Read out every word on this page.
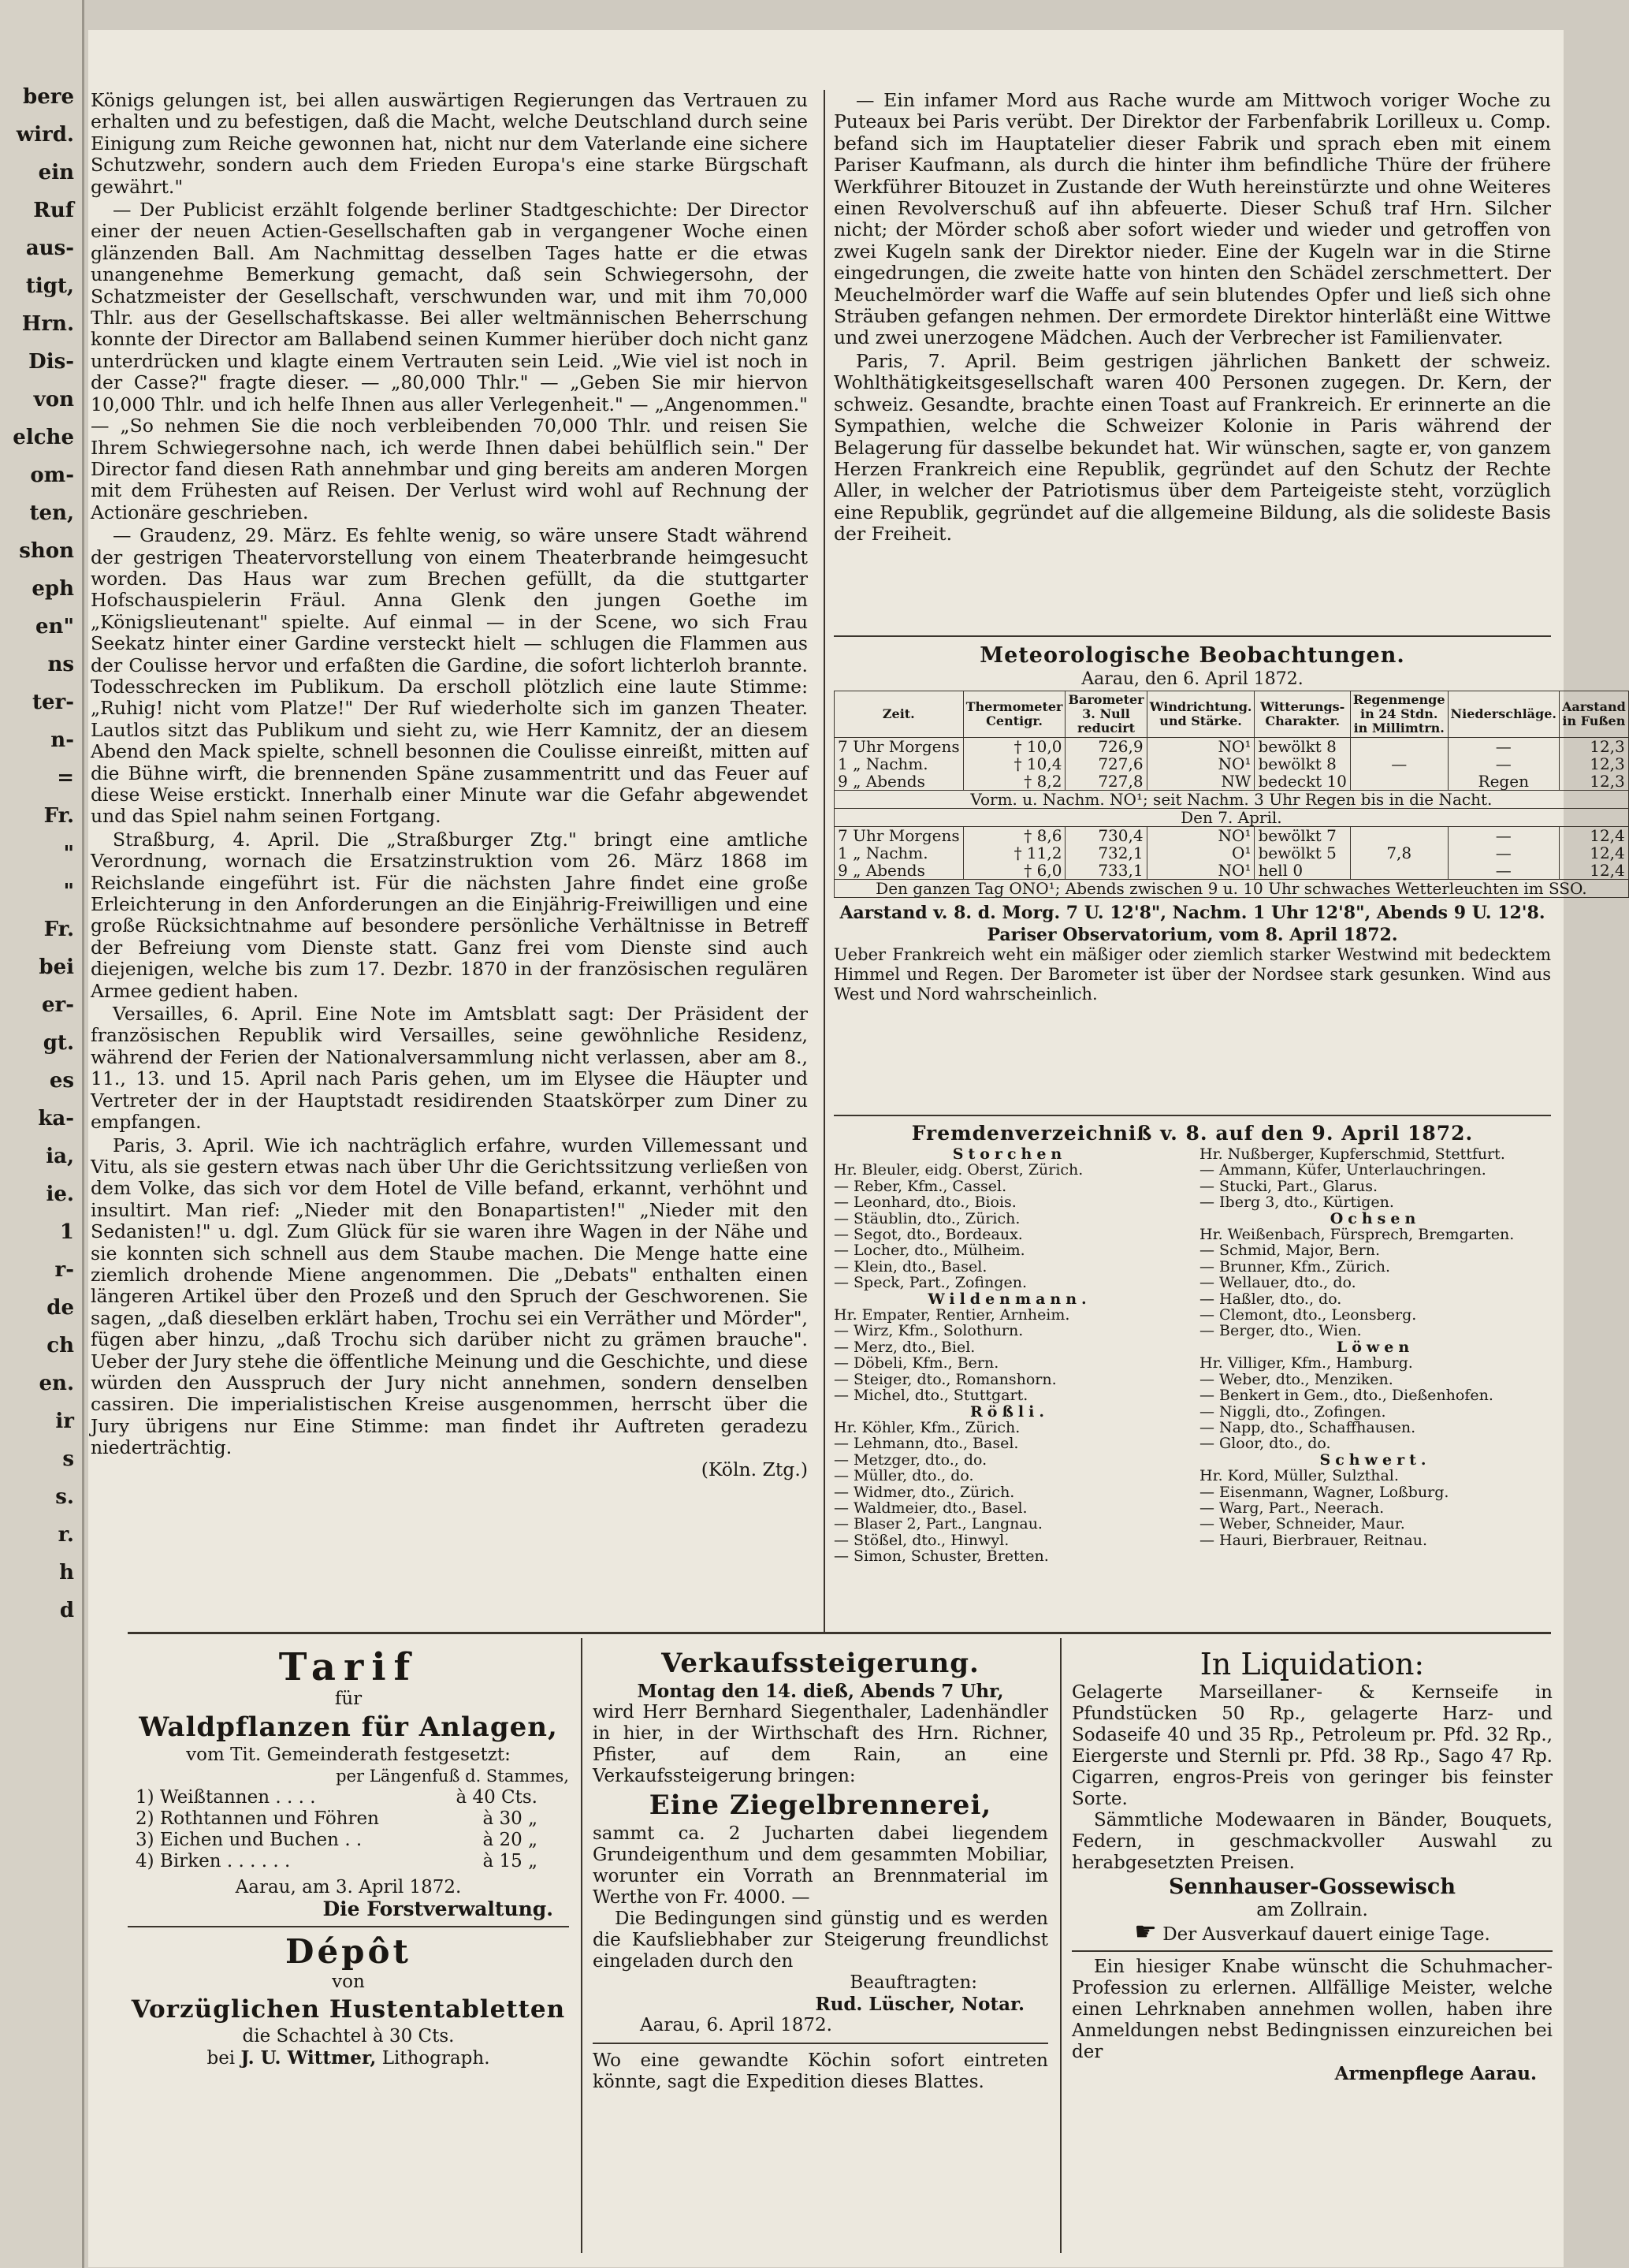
bere
wird.
ein
Ruf
aus-
tigt,
Hrn.
Dis-
von
elche
om-
ten,
shon
eph
en"
ns
ter-
n-
=
Fr.
"
"
Fr.
bei
er-
gt.
es
ka-
ia,
ie.
1
r-
de
ch
en.
ir
s
s.
r.
h
d

Königs gelungen ist, bei allen auswärtigen Regierungen das Vertrauen zu erhalten und zu befestigen, daß die Macht, welche Deutschland durch seine Einigung zum Reiche gewonnen hat, nicht nur dem Vaterlande eine sichere Schutzwehr, sondern auch dem Frieden Europa's eine starke Bürgschaft gewährt."

— Der Publicist erzählt folgende berliner Stadtgeschichte: Der Director einer der neuen Actien-Gesellschaften gab in vergangener Woche einen glänzenden Ball. Am Nachmittag desselben Tages hatte er die etwas unangenehme Bemerkung gemacht, daß sein Schwiegersohn, der Schatzmeister der Gesellschaft, verschwunden war, und mit ihm 70,000 Thlr. aus der Gesellschaftskasse. Bei aller weltmännischen Beherrschung konnte der Director am Ballabend seinen Kummer hierüber doch nicht ganz unterdrücken und klagte einem Vertrauten sein Leid. „Wie viel ist noch in der Casse?" fragte dieser. — „80,000 Thlr." — „Geben Sie mir hiervon 10,000 Thlr. und ich helfe Ihnen aus aller Verlegenheit." — „Angenommen." — „So nehmen Sie die noch verbleibenden 70,000 Thlr. und reisen Sie Ihrem Schwiegersohne nach, ich werde Ihnen dabei behülflich sein." Der Director fand diesen Rath annehmbar und ging bereits am anderen Morgen mit dem Frühesten auf Reisen. Der Verlust wird wohl auf Rechnung der Actionäre geschrieben.

— Graudenz, 29. März. Es fehlte wenig, so wäre unsere Stadt während der gestrigen Theatervorstellung von einem Theaterbrande heimgesucht worden. Das Haus war zum Brechen gefüllt, da die stuttgarter Hofschauspielerin Fräul. Anna Glenk den jungen Goethe im „Königslieutenant" spielte. Auf einmal — in der Scene, wo sich Frau Seekatz hinter einer Gardine versteckt hielt — schlugen die Flammen aus der Coulisse hervor und erfaßten die Gardine, die sofort lichterloh brannte. Todesschrecken im Publikum. Da erscholl plötzlich eine laute Stimme: „Ruhig! nicht vom Platze!" Der Ruf wiederholte sich im ganzen Theater. Lautlos sitzt das Publikum und sieht zu, wie Herr Kamnitz, der an diesem Abend den Mack spielte, schnell besonnen die Coulisse einreißt, mitten auf die Bühne wirft, die brennenden Späne zusammentritt und das Feuer auf diese Weise erstickt. Innerhalb einer Minute war die Gefahr abgewendet und das Spiel nahm seinen Fortgang.

Straßburg, 4. April. Die „Straßburger Ztg." bringt eine amtliche Verordnung, wornach die Ersatzinstruktion vom 26. März 1868 im Reichslande eingeführt ist. Für die nächsten Jahre findet eine große Erleichterung in den Anforderungen an die Einjährig-Freiwilligen und eine große Rücksichtnahme auf besondere persönliche Verhältnisse in Betreff der Befreiung vom Dienste statt. Ganz frei vom Dienste sind auch diejenigen, welche bis zum 17. Dezbr. 1870 in der französischen regulären Armee gedient haben.

Versailles, 6. April. Eine Note im Amtsblatt sagt: Der Präsident der französischen Republik wird Versailles, seine gewöhnliche Residenz, während der Ferien der Nationalversammlung nicht verlassen, aber am 8., 11., 13. und 15. April nach Paris gehen, um im Elysee die Häupter und Vertreter der in der Hauptstadt residirenden Staatskörper zum Diner zu empfangen.

Paris, 3. April. Wie ich nachträglich erfahre, wurden Villemessant und Vitu, als sie gestern etwas nach über Uhr die Gerichtssitzung verließen von dem Volke, das sich vor dem Hotel de Ville befand, erkannt, verhöhnt und insultirt. Man rief: „Nieder mit den Bonapartisten!" „Nieder mit den Sedanisten!" u. dgl. Zum Glück für sie waren ihre Wagen in der Nähe und sie konnten sich schnell aus dem Staube machen. Die Menge hatte eine ziemlich drohende Miene angenommen. Die „Debats" enthalten einen längeren Artikel über den Prozeß und den Spruch der Geschworenen. Sie sagen, „daß dieselben erklärt haben, Trochu sei ein Verräther und Mörder", fügen aber hinzu, „daß Trochu sich darüber nicht zu grämen brauche". Ueber der Jury stehe die öffentliche Meinung und die Geschichte, und diese würden den Ausspruch der Jury nicht annehmen, sondern denselben cassiren. Die imperialistischen Kreise ausgenommen, herrscht über die Jury übrigens nur Eine Stimme: man findet ihr Auftreten geradezu niederträchtig.

(Köln. Ztg.)

— Ein infamer Mord aus Rache wurde am Mittwoch voriger Woche zu Puteaux bei Paris verübt. Der Direktor der Farbenfabrik Lorilleux u. Comp. befand sich im Hauptatelier dieser Fabrik und sprach eben mit einem Pariser Kaufmann, als durch die hinter ihm befindliche Thüre der frühere Werkführer Bitouzet in Zustande der Wuth hereinstürzte und ohne Weiteres einen Revolverschuß auf ihn abfeuerte. Dieser Schuß traf Hrn. Silcher nicht; der Mörder schoß aber sofort wieder und wieder und getroffen von zwei Kugeln sank der Direktor nieder. Eine der Kugeln war in die Stirne eingedrungen, die zweite hatte von hinten den Schädel zerschmettert. Der Meuchelmörder warf die Waffe auf sein blutendes Opfer und ließ sich ohne Sträuben gefangen nehmen. Der ermordete Direktor hinterläßt eine Wittwe und zwei unerzogene Mädchen. Auch der Verbrecher ist Familienvater.

Paris, 7. April. Beim gestrigen jährlichen Bankett der schweiz. Wohlthätigkeitsgesellschaft waren 400 Personen zugegen. Dr. Kern, der schweiz. Gesandte, brachte einen Toast auf Frankreich. Er erinnerte an die Sympathien, welche die Schweizer Kolonie in Paris während der Belagerung für dasselbe bekundet hat. Wir wünschen, sagte er, von ganzem Herzen Frankreich eine Republik, gegründet auf den Schutz der Rechte Aller, in welcher der Patriotismus über dem Parteigeiste steht, vorzüglich eine Republik, gegründet auf die allgemeine Bildung, als die solideste Basis der Freiheit.

Meteorologische Beobachtungen.
Aarau, den 6. April 1872.
Zeit.	Thermometer Centigr.	Barometer 3. Null reducirt	Windrichtung. und Stärke.	Witterungs-Charakter.	Regenmenge in 24 Stdn. in Millimtrn.	Niederschläge.	Aarstand in Fußen
7 Uhr Morgens	† 10,0	726,9	NO¹	bewölkt 8		—	12,3
1 „ Nachm.	† 10,4	727,6	NO¹	bewölkt 8	—	—	12,3
9 „ Abends	† 8,2	727,8	NW	bedeckt 10		Regen	12,3
Vorm. u. Nachm. NO¹; seit Nachm. 3 Uhr Regen bis in die Nacht.							
Den 7. April.							
7 Uhr Morgens	† 8,6	730,4	NO¹	bewölkt 7		—	12,4
1 „ Nachm.	† 11,2	732,1	O¹	bewölkt 5	7,8	—	12,4
9 „ Abends	† 6,0	733,1	NO¹	hell 0		—	12,4
Den ganzen Tag ONO¹; Abends zwischen 9 u. 10 Uhr schwaches Wetterleuchten im SSO.							
Aarstand v. 8. d. Morg. 7 U. 12'8", Nachm. 1 Uhr 12'8", Abends 9 U. 12'8.
Pariser Observatorium, vom 8. April 1872.
Ueber Frankreich weht ein mäßiger oder ziemlich starker Westwind mit bedecktem Himmel und Regen. Der Barometer ist über der Nordsee stark gesunken. Wind aus West und Nord wahrscheinlich.
Fremdenverzeichniß v. 8. auf den 9. April 1872.
Storchen
Hr. Bleuler, eidg. Oberst, Zürich.
— Reber, Kfm., Cassel.
— Leonhard, dto., Biois.
— Stäublin, dto., Zürich.
— Segot, dto., Bordeaux.
— Locher, dto., Mülheim.
— Klein, dto., Basel.
— Speck, Part., Zofingen.
Wildenmann.
Hr. Empater, Rentier, Arnheim.
— Wirz, Kfm., Solothurn.
— Merz, dto., Biel.
— Döbeli, Kfm., Bern.
— Steiger, dto., Romanshorn.
— Michel, dto., Stuttgart.
Rößli.
Hr. Köhler, Kfm., Zürich.
— Lehmann, dto., Basel.
— Metzger, dto., do.
— Müller, dto., do.
— Widmer, dto., Zürich.
— Waldmeier, dto., Basel.
— Blaser 2, Part., Langnau.
— Stößel, dto., Hinwyl.
— Simon, Schuster, Bretten.
Hr. Nußberger, Kupferschmid, Stettfurt.
— Ammann, Küfer, Unterlauchringen.
— Stucki, Part., Glarus.
— Iberg 3, dto., Kürtigen.
Ochsen
Hr. Weißenbach, Fürsprech, Bremgarten.
— Schmid, Major, Bern.
— Brunner, Kfm., Zürich.
— Wellauer, dto., do.
— Haßler, dto., do.
— Clemont, dto., Leonsberg.
— Berger, dto., Wien.
Löwen
Hr. Villiger, Kfm., Hamburg.
— Weber, dto., Menziken.
— Benkert in Gem., dto., Dießenhofen.
— Niggli, dto., Zofingen.
— Napp, dto., Schaffhausen.
— Gloor, dto., do.
Schwert.
Hr. Kord, Müller, Sulzthal.
— Eisenmann, Wagner, Loßburg.
— Warg, Part., Neerach.
— Weber, Schneider, Maur.
— Hauri, Bierbrauer, Reitnau.
Tarif
für
Waldpflanzen für Anlagen,
vom Tit. Gemeinderath festgesetzt:
per Längenfuß d. Stammes,
1) Weißtannen . . . .	à 40 Cts.
2) Rothtannen und Föhren	à 30 „
3) Eichen und Buchen . .	à 20 „
4) Birken . . . . . .	à 15 „
Aarau, am 3. April 1872.
Die Forstverwaltung.
Dépôt
von
Vorzüglichen Hustentabletten
die Schachtel à 30 Cts.
bei J. U. Wittmer, Lithograph.
Verkaufssteigerung.
Montag den 14. dieß, Abends 7 Uhr,
wird Herr Bernhard Siegenthaler, Ladenhändler in hier, in der Wirthschaft des Hrn. Richner, Pfister, auf dem Rain, an eine Verkaufssteigerung bringen:
Eine Ziegelbrennerei,
sammt ca. 2 Jucharten dabei liegendem Grundeigenthum und dem gesammten Mobiliar, worunter ein Vorrath an Brennmaterial im Werthe von Fr. 4000. —
Die Bedingungen sind günstig und es werden die Kaufsliebhaber zur Steigerung freundlichst eingeladen durch den
Beauftragten:
Rud. Lüscher, Notar.
Aarau, 6. April 1872.
Wo eine gewandte Köchin sofort eintreten könnte, sagt die Expedition dieses Blattes.
In Liquidation:
Gelagerte Marseillaner- & Kernseife in Pfundstücken 50 Rp., gelagerte Harz- und Sodaseife 40 und 35 Rp., Petroleum pr. Pfd. 32 Rp., Eiergerste und Sternli pr. Pfd. 38 Rp., Sago 47 Rp. Cigarren, engros-Preis von geringer bis feinster Sorte.
Sämmtliche Modewaaren in Bänder, Bouquets, Federn, in geschmackvoller Auswahl zu herabgesetzten Preisen.
Sennhauser-Gossewisch
am Zollrain.
☛ Der Ausverkauf dauert einige Tage.
Ein hiesiger Knabe wünscht die Schuhmacher-Profession zu erlernen. Allfällige Meister, welche einen Lehrknaben annehmen wollen, haben ihre Anmeldungen nebst Bedingnissen einzureichen bei der
Armenpflege Aarau.
